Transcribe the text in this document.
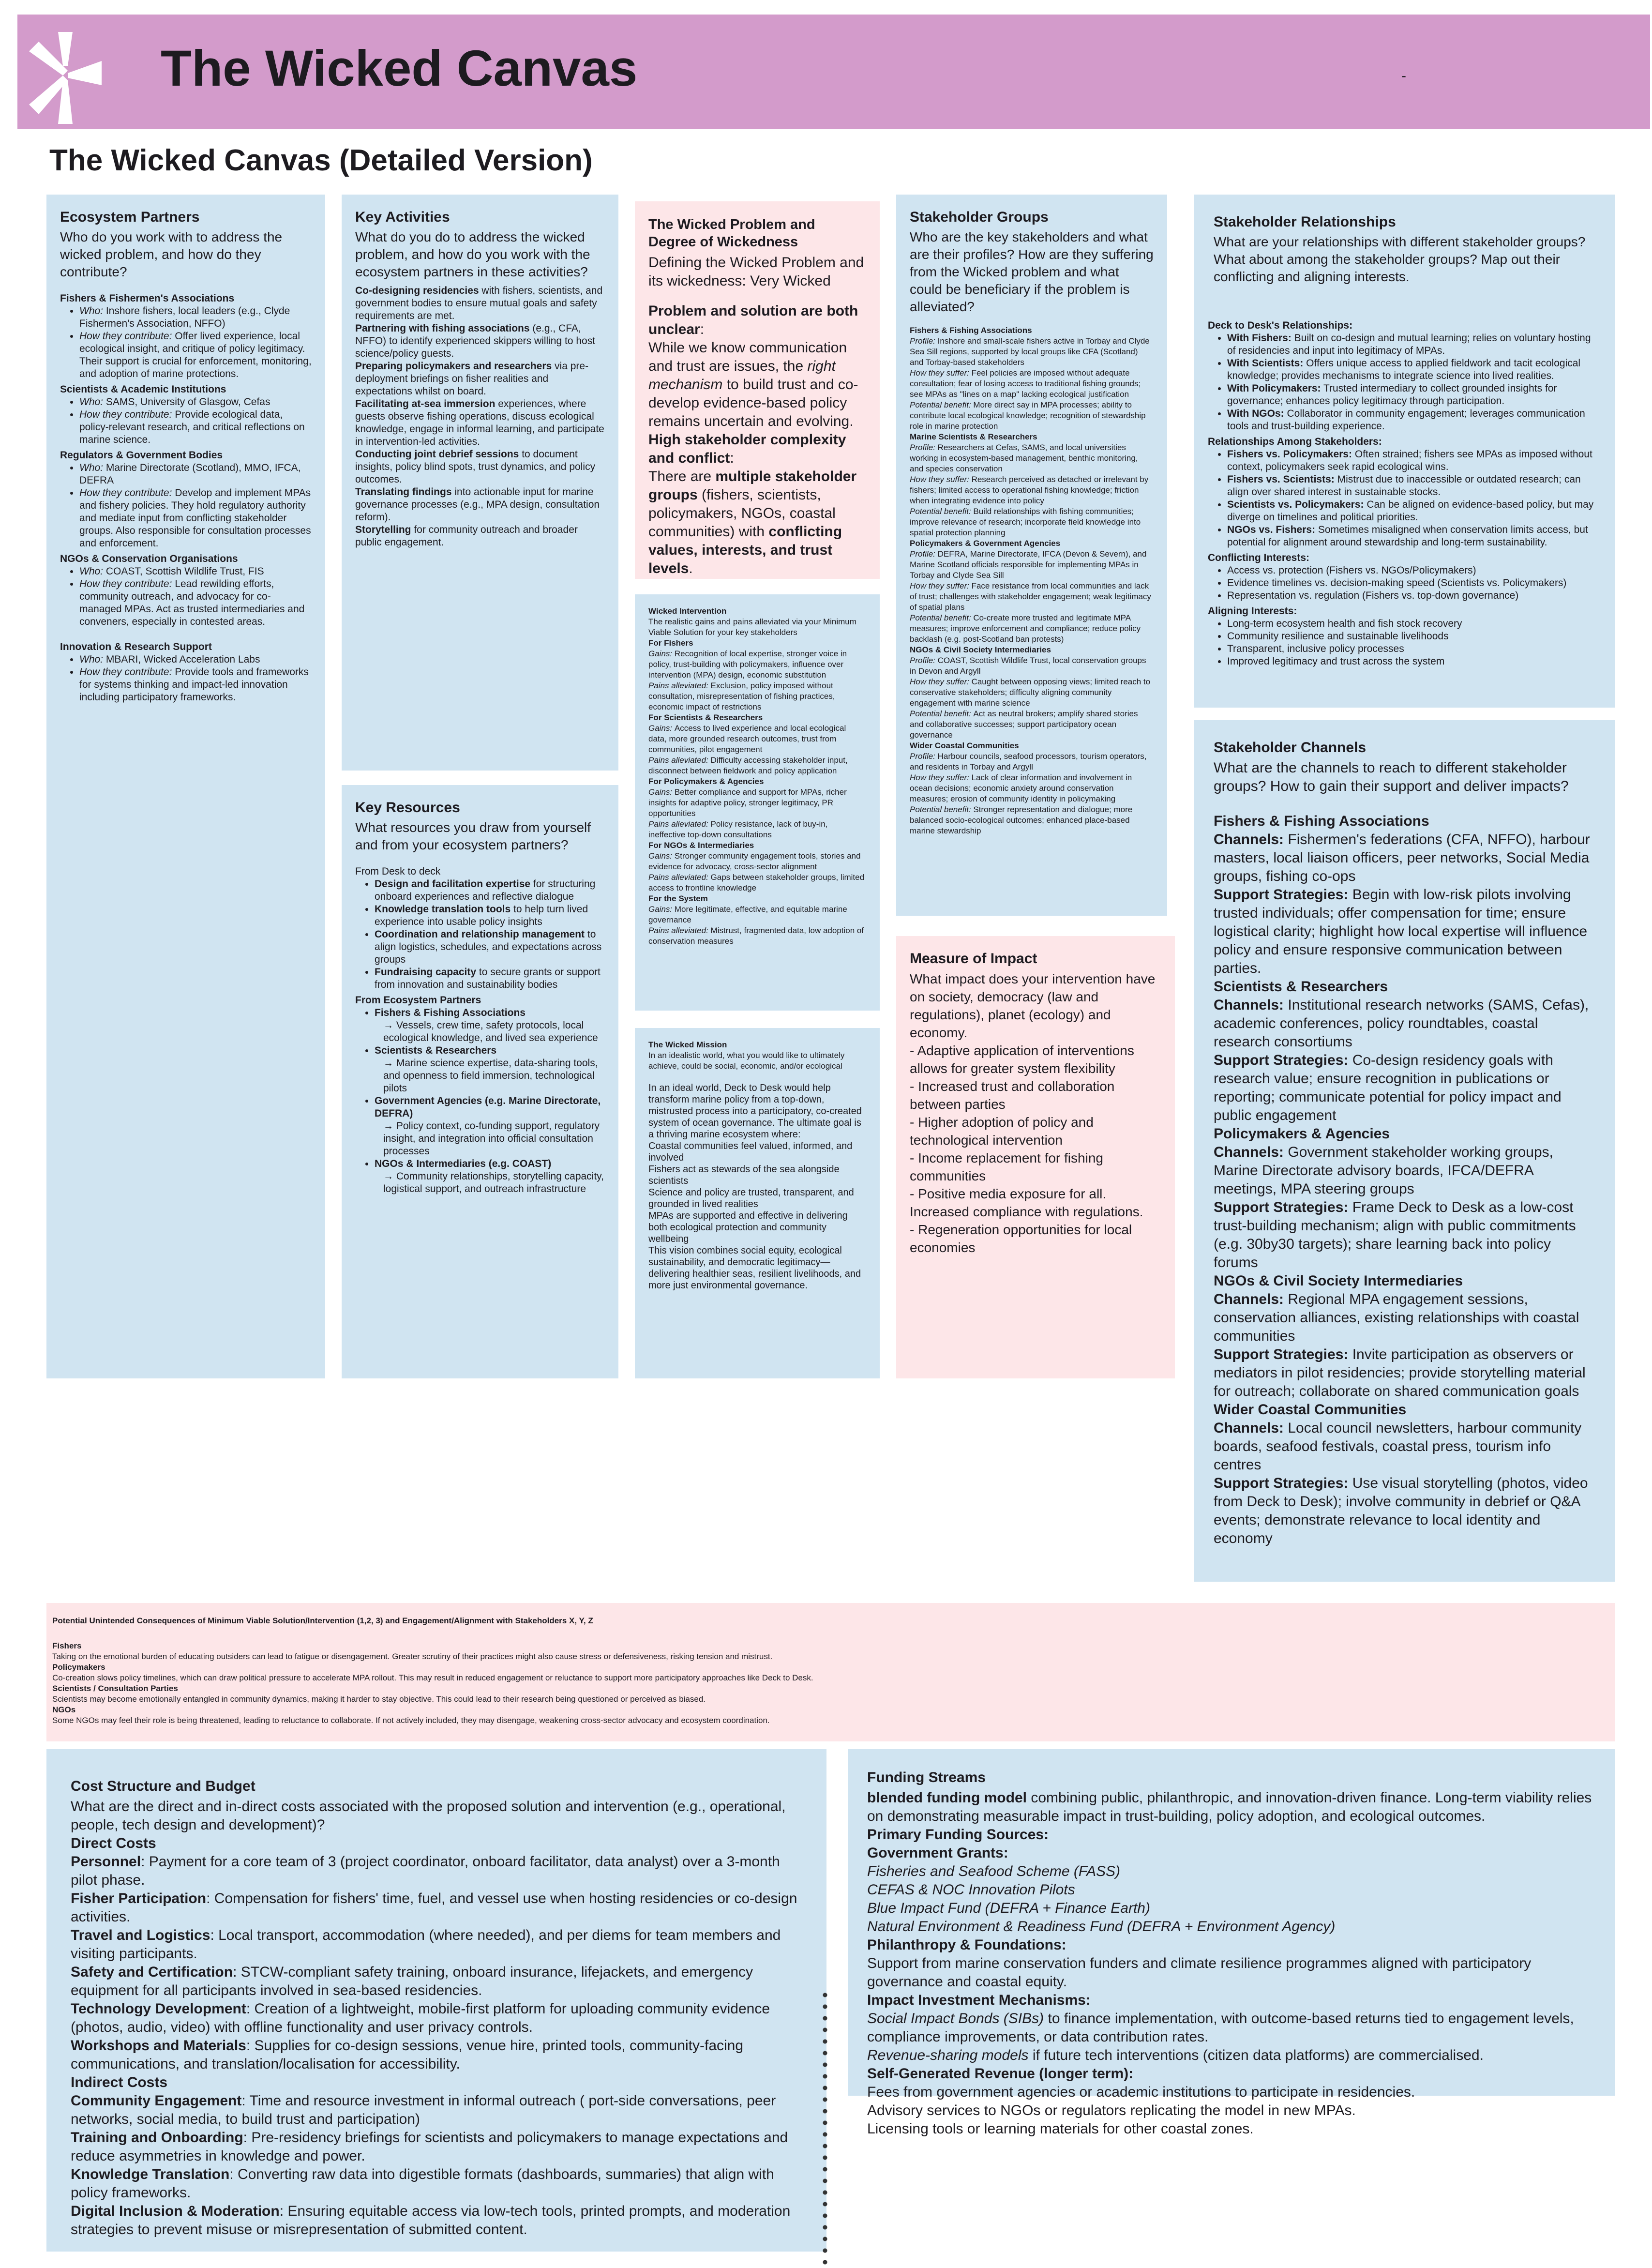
The Wicked Canvas	-
The Wicked Canvas (Detailed Version)
Ecosystem Partners
Who do you work with to address the wicked problem, and how do they contribute?

Fishers & Fishermen's Associations

• Who: Inshore fishers, local leaders (e.g., Clyde Fishermen's Association, NFFO)
• How they contribute: Offer lived experience, local ecological insight, and critique of policy legitimacy. Their support is crucial for enforcement, monitoring, and adoption of marine protections.

Scientists & Academic Institutions

• Who: SAMS, University of Glasgow, Cefas
• How they contribute: Provide ecological data, policy-relevant research, and critical reflections on marine science.

Regulators & Government Bodies

• Who: Marine Directorate (Scotland), MMO, IFCA, DEFRA
• How they contribute: Develop and implement MPAs and fishery policies. They hold regulatory authority and mediate input from conflicting stakeholder groups. Also responsible for consultation processes and enforcement.

NGOs & Conservation Organisations

• Who: COAST, Scottish Wildlife Trust, FIS
• How they contribute: Lead rewilding efforts, community outreach, and advocacy for co-managed MPAs. Act as trusted intermediaries and conveners, especially in contested areas.

Innovation & Research Support

• Who: MBARI, Wicked Acceleration Labs
• How they contribute: Provide tools and frameworks for systems thinking and impact-led innovation including participatory frameworks.
Key Activities
What do you do to address the wicked problem, and how do you work with the ecosystem partners in these activities?

Co-designing residencies with fishers, scientists, and government bodies to ensure mutual goals and safety requirements are met.

Partnering with fishing associations (e.g., CFA, NFFO) to identify experienced skippers willing to host science/policy guests.

Preparing policymakers and researchers via pre-deployment briefings on fisher realities and expectations whilst on board.

Facilitating at-sea immersion experiences, where guests observe fishing operations, discuss ecological knowledge, engage in informal learning, and participate in intervention-led activities.

Conducting joint debrief sessions to document insights, policy blind spots, trust dynamics, and policy outcomes.

Translating findings into actionable input for marine governance processes (e.g., MPA design, consultation reform).

Storytelling for community outreach and broader public engagement.

Key Resources
What resources you draw from yourself and from your ecosystem partners?

From Desk to deck

• Design and facilitation expertise for structuring onboard experiences and reflective dialogue
• Knowledge translation tools to help turn lived experience into usable policy insights
• Coordination and relationship management to align logistics, schedules, and expectations across groups
• Fundraising capacity to secure grants or support from innovation and sustainability bodies

From Ecosystem Partners

• Fishers & Fishing Associations
→ Vessels, crew time, safety protocols, local ecological knowledge, and lived sea experience
• Scientists & Researchers
→ Marine science expertise, data-sharing tools, and openness to field immersion, technological pilots
• Government Agencies (e.g. Marine Directorate, DEFRA)
→ Policy context, co-funding support, regulatory insight, and integration into official consultation processes
• NGOs & Intermediaries (e.g. COAST)
→ Community relationships, storytelling capacity, logistical support, and outreach infrastructure
The Wicked Problem and Degree of Wickedness
Defining the Wicked Problem and its wickedness: Very Wicked

Problem and solution are both unclear:

While we know communication and trust are issues, the right mechanism to build trust and co-develop evidence-based policy remains uncertain and evolving.

High stakeholder complexity and conflict:

There are multiple stakeholder groups (fishers, scientists, policymakers, NGOs, coastal communities) with conflicting values, interests, and trust levels.

Wicked Intervention
The realistic gains and pains alleviated via your Minimum Viable Solution for your key stakeholders

For Fishers

Gains: Recognition of local expertise, stronger voice in policy, trust-building with policymakers, influence over intervention (MPA) design, economic substitution

Pains alleviated: Exclusion, policy imposed without consultation, misrepresentation of fishing practices, economic impact of restrictions

For Scientists & Researchers

Gains: Access to lived experience and local ecological data, more grounded research outcomes, trust from communities, pilot engagement

Pains alleviated: Difficulty accessing stakeholder input, disconnect between fieldwork and policy application

For Policymakers & Agencies

Gains: Better compliance and support for MPAs, richer insights for adaptive policy, stronger legitimacy, PR opportunities

Pains alleviated: Policy resistance, lack of buy-in, ineffective top-down consultations

For NGOs & Intermediaries

Gains: Stronger community engagement tools, stories and evidence for advocacy, cross-sector alignment

Pains alleviated: Gaps between stakeholder groups, limited access to frontline knowledge

For the System

Gains: More legitimate, effective, and equitable marine governance

Pains alleviated: Mistrust, fragmented data, low adoption of conservation measures

The Wicked Mission
In an idealistic world, what you would like to ultimately achieve, could be social, economic, and/or ecological

In an ideal world, Deck to Desk would help transform marine policy from a top-down, mistrusted process into a participatory, co-created system of ocean governance. The ultimate goal is a thriving marine ecosystem where:

Coastal communities feel valued, informed, and involved

Fishers act as stewards of the sea alongside scientists

Science and policy are trusted, transparent, and grounded in lived realities

MPAs are supported and effective in delivering both ecological protection and community wellbeing

This vision combines social equity, ecological sustainability, and democratic legitimacy—delivering healthier seas, resilient livelihoods, and more just environmental governance.

Stakeholder Groups
Who are the key stakeholders and what are their profiles? How are they suffering from the Wicked problem and what could be beneficiary if the problem is alleviated?

Fishers & Fishing Associations

Profile: Inshore and small-scale fishers active in Torbay and Clyde Sea Sill regions, supported by local groups like CFA (Scotland) and Torbay-based stakeholders

How they suffer: Feel policies are imposed without adequate consultation; fear of losing access to traditional fishing grounds; see MPAs as "lines on a map" lacking ecological justification

Potential benefit: More direct say in MPA processes; ability to contribute local ecological knowledge; recognition of stewardship role in marine protection

Marine Scientists & Researchers

Profile: Researchers at Cefas, SAMS, and local universities working in ecosystem-based management, benthic monitoring, and species conservation

How they suffer: Research perceived as detached or irrelevant by fishers; limited access to operational fishing knowledge; friction when integrating evidence into policy

Potential benefit: Build relationships with fishing communities; improve relevance of research; incorporate field knowledge into spatial protection planning

Policymakers & Government Agencies

Profile: DEFRA, Marine Directorate, IFCA (Devon & Severn), and Marine Scotland officials responsible for implementing MPAs in Torbay and Clyde Sea Sill

How they suffer: Face resistance from local communities and lack of trust; challenges with stakeholder engagement; weak legitimacy of spatial plans

Potential benefit: Co-create more trusted and legitimate MPA measures; improve enforcement and compliance; reduce policy backlash (e.g. post-Scotland ban protests)

NGOs & Civil Society Intermediaries

Profile: COAST, Scottish Wildlife Trust, local conservation groups in Devon and Argyll

How they suffer: Caught between opposing views; limited reach to conservative stakeholders; difficulty aligning community engagement with marine science

Potential benefit: Act as neutral brokers; amplify shared stories and collaborative successes; support participatory ocean governance

Wider Coastal Communities

Profile: Harbour councils, seafood processors, tourism operators, and residents in Torbay and Argyll

How they suffer: Lack of clear information and involvement in ocean decisions; economic anxiety around conservation measures; erosion of community identity in policymaking

Potential benefit: Stronger representation and dialogue; more balanced socio-ecological outcomes; enhanced place-based marine stewardship

Measure of Impact
What impact does your intervention have on society, democracy (law and regulations), planet (ecology) and economy.
- Adaptive application of interventions allows for greater system flexibility
- Increased trust and collaboration between parties
- Higher adoption of policy and technological intervention
- Income replacement for fishing communities
- Positive media exposure for all. Increased compliance with regulations.
- Regeneration opportunities for local economies
Stakeholder Relationships
What are your relationships with different stakeholder groups? What about among the stakeholder groups? Map out their conflicting and aligning interests.

Deck to Desk's Relationships:

• With Fishers: Built on co-design and mutual learning; relies on voluntary hosting of residencies and input into legitimacy of MPAs.
• With Scientists: Offers unique access to applied fieldwork and tacit ecological knowledge; provides mechanisms to integrate science into lived realities.
• With Policymakers: Trusted intermediary to collect grounded insights for governance; enhances policy legitimacy through participation.
• With NGOs: Collaborator in community engagement; leverages communication tools and trust-building experience.

Relationships Among Stakeholders:

• Fishers vs. Policymakers: Often strained; fishers see MPAs as imposed without context, policymakers seek rapid ecological wins.
• Fishers vs. Scientists: Mistrust due to inaccessible or outdated research; can align over shared interest in sustainable stocks.
• Scientists vs. Policymakers: Can be aligned on evidence-based policy, but may diverge on timelines and political priorities.
• NGOs vs. Fishers: Sometimes misaligned when conservation limits access, but potential for alignment around stewardship and long-term sustainability.

Conflicting Interests:

• Access vs. protection (Fishers vs. NGOs/Policymakers)
• Evidence timelines vs. decision-making speed (Scientists vs. Policymakers)
• Representation vs. regulation (Fishers vs. top-down governance)

Aligning Interests:

• Long-term ecosystem health and fish stock recovery
• Community resilience and sustainable livelihoods
• Transparent, inclusive policy processes
• Improved legitimacy and trust across the system
Stakeholder Channels
What are the channels to reach to different stakeholder groups? How to gain their support and deliver impacts?

Fishers & Fishing Associations

Channels: Fishermen's federations (CFA, NFFO), harbour masters, local liaison officers, peer networks, Social Media groups, fishing co-ops

Support Strategies: Begin with low-risk pilots involving trusted individuals; offer compensation for time; ensure logistical clarity; highlight how local expertise will influence policy and ensure responsive communication between parties.

Scientists & Researchers

Channels: Institutional research networks (SAMS, Cefas), academic conferences, policy roundtables, coastal research consortiums

Support Strategies: Co-design residency goals with research value; ensure recognition in publications or reporting; communicate potential for policy impact and public engagement

Policymakers & Agencies

Channels: Government stakeholder working groups, Marine Directorate advisory boards, IFCA/DEFRA meetings, MPA steering groups

Support Strategies: Frame Deck to Desk as a low-cost trust-building mechanism; align with public commitments (e.g. 30by30 targets); share learning back into policy forums

NGOs & Civil Society Intermediaries

Channels: Regional MPA engagement sessions, conservation alliances, existing relationships with coastal communities

Support Strategies: Invite participation as observers or mediators in pilot residencies; provide storytelling material for outreach; collaborate on shared communication goals

Wider Coastal Communities

Channels: Local council newsletters, harbour community boards, seafood festivals, coastal press, tourism info centres

Support Strategies: Use visual storytelling (photos, video from Deck to Desk); involve community in debrief or Q&A events; demonstrate relevance to local identity and economy

Potential Unintended Consequences of Minimum Viable Solution/Intervention (1,2, 3) and Engagement/Alignment with Stakeholders X, Y, Z

Fishers

Taking on the emotional burden of educating outsiders can lead to fatigue or disengagement. Greater scrutiny of their practices might also cause stress or defensiveness, risking tension and mistrust.

Policymakers

Co-creation slows policy timelines, which can draw political pressure to accelerate MPA rollout. This may result in reduced engagement or reluctance to support more participatory approaches like Deck to Desk.

Scientists / Consultation Parties

Scientists may become emotionally entangled in community dynamics, making it harder to stay objective. This could lead to their research being questioned or perceived as biased.

NGOs

Some NGOs may feel their role is being threatened, leading to reluctance to collaborate. If not actively included, they may disengage, weakening cross-sector advocacy and ecosystem coordination.

Cost Structure and Budget
What are the direct and in-direct costs associated with the proposed solution and intervention (e.g., operational, people, tech design and development)?

Direct Costs

Personnel: Payment for a core team of 3 (project coordinator, onboard facilitator, data analyst) over a 3-month pilot phase.

Fisher Participation: Compensation for fishers' time, fuel, and vessel use when hosting residencies or co-design activities.

Travel and Logistics: Local transport, accommodation (where needed), and per diems for team members and visiting participants.

Safety and Certification: STCW-compliant safety training, onboard insurance, lifejackets, and emergency equipment for all participants involved in sea-based residencies.

Technology Development: Creation of a lightweight, mobile-first platform for uploading community evidence (photos, audio, video) with offline functionality and user privacy controls.

Workshops and Materials: Supplies for co-design sessions, venue hire, printed tools, community-facing communications, and translation/localisation for accessibility.

Indirect Costs

Community Engagement: Time and resource investment in informal outreach ( port-side conversations, peer networks, social media, to build trust and participation)

Training and Onboarding: Pre-residency briefings for scientists and policymakers to manage expectations and reduce asymmetries in knowledge and power.

Knowledge Translation: Converting raw data into digestible formats (dashboards, summaries) that align with policy frameworks.

Digital Inclusion & Moderation: Ensuring equitable access via low-tech tools, printed prompts, and moderation strategies to prevent misuse or misrepresentation of submitted content.

Funding Streams

blended funding model combining public, philanthropic, and innovation-driven finance. Long-term viability relies on demonstrating measurable impact in trust-building, policy adoption, and ecological outcomes.

Primary Funding Sources:

Government Grants:

Fisheries and Seafood Scheme (FASS)

CEFAS & NOC Innovation Pilots

Blue Impact Fund (DEFRA + Finance Earth)

Natural Environment & Readiness Fund (DEFRA + Environment Agency)

Philanthropy & Foundations:

Support from marine conservation funders and climate resilience programmes aligned with participatory governance and coastal equity.

Impact Investment Mechanisms:

Social Impact Bonds (SIBs) to finance implementation, with outcome-based returns tied to engagement levels, compliance improvements, or data contribution rates.

Revenue-sharing models if future tech interventions (citizen data platforms) are commercialised.

Self-Generated Revenue (longer term):

Fees from government agencies or academic institutions to participate in residencies.

Advisory services to NGOs or regulators replicating the model in new MPAs.

Licensing tools or learning materials for other coastal zones.
